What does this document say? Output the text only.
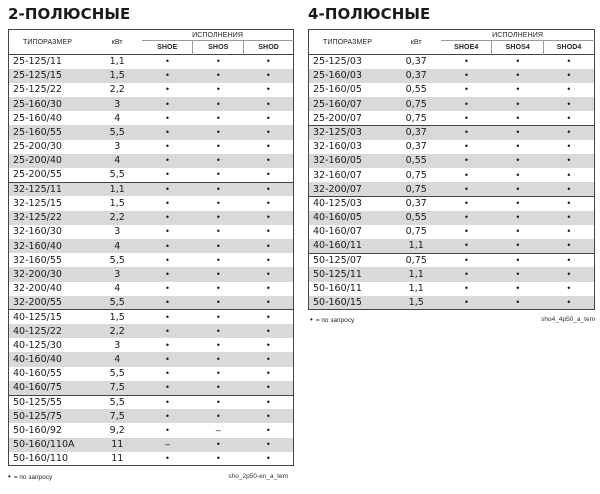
2-ПОЛЮСНЫЕ
ТИПОРАЗМЕР	кВт	ИСПОЛНЕНИЯ		
		SHOE	SHOS	SHOD
25-125/11	1,1	•	•	•
25-125/15	1,5	•	•	•
25-125/22	2,2	•	•	•
25-160/30	3	•	•	•
25-160/40	4	•	•	•
25-160/55	5,5	•	•	•
25-200/30	3	•	•	•
25-200/40	4	•	•	•
25-200/55	5,5	•	•	•
32-125/11	1,1	•	•	•
32-125/15	1,5	•	•	•
32-125/22	2,2	•	•	•
32-160/30	3	•	•	•
32-160/40	4	•	•	•
32-160/55	5,5	•	•	•
32-200/30	3	•	•	•
32-200/40	4	•	•	•
32-200/55	5,5	•	•	•
40-125/15	1,5	•	•	•
40-125/22	2,2	•	•	•
40-125/30	3	•	•	•
40-160/40	4	•	•	•
40-160/55	5,5	•	•	•
40-160/75	7,5	•	•	•
50-125/55	5,5	•	•	•
50-125/75	7,5	•	•	•
50-160/92	9,2	•	–	•
50-160/110A	11	–	•	•
50-160/110	11	•	•	•
• = по запросу	sho_2p50-en_a_tem
4-ПОЛЮСНЫЕ
ТИПОРАЗМЕР	кВт	ИСПОЛНЕНИЯ		
		SHOE4	SHOS4	SHOD4
25-125/03	0,37	•	•	•
25-160/03	0,37	•	•	•
25-160/05	0,55	•	•	•
25-160/07	0,75	•	•	•
25-200/07	0,75	•	•	•
32-125/03	0,37	•	•	•
32-160/03	0,37	•	•	•
32-160/05	0,55	•	•	•
32-160/07	0,75	•	•	•
32-200/07	0,75	•	•	•
40-125/03	0,37	•	•	•
40-160/05	0,55	•	•	•
40-160/07	0,75	•	•	•
40-160/11	1,1	•	•	•
50-125/07	0,75	•	•	•
50-125/11	1,1	•	•	•
50-160/11	1,1	•	•	•
50-160/15	1,5	•	•	•
• = по запросу	sho4_4p50_a_tem
